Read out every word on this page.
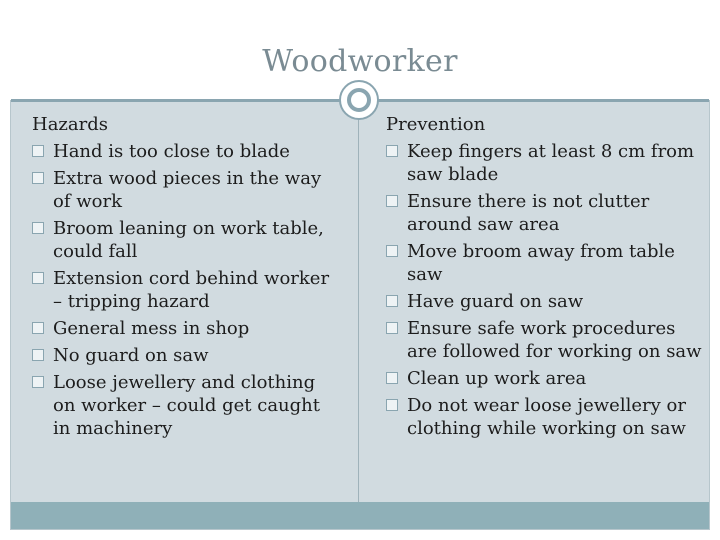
Woodworker
Hazards
Hand is too close to blade
Extra wood pieces in the way of work
Broom leaning on work table, could fall
Extension cord behind worker – tripping hazard
General mess in shop
No guard on saw
Loose jewellery and clothing on worker – could get caught in machinery
Prevention
Keep fingers at least 8 cm from saw blade
Ensure there is not clutter around saw area
Move broom away from table saw
Have guard on saw
Ensure safe work procedures are followed for working on saw
Clean up work area
Do not wear loose jewellery or clothing while working on saw
